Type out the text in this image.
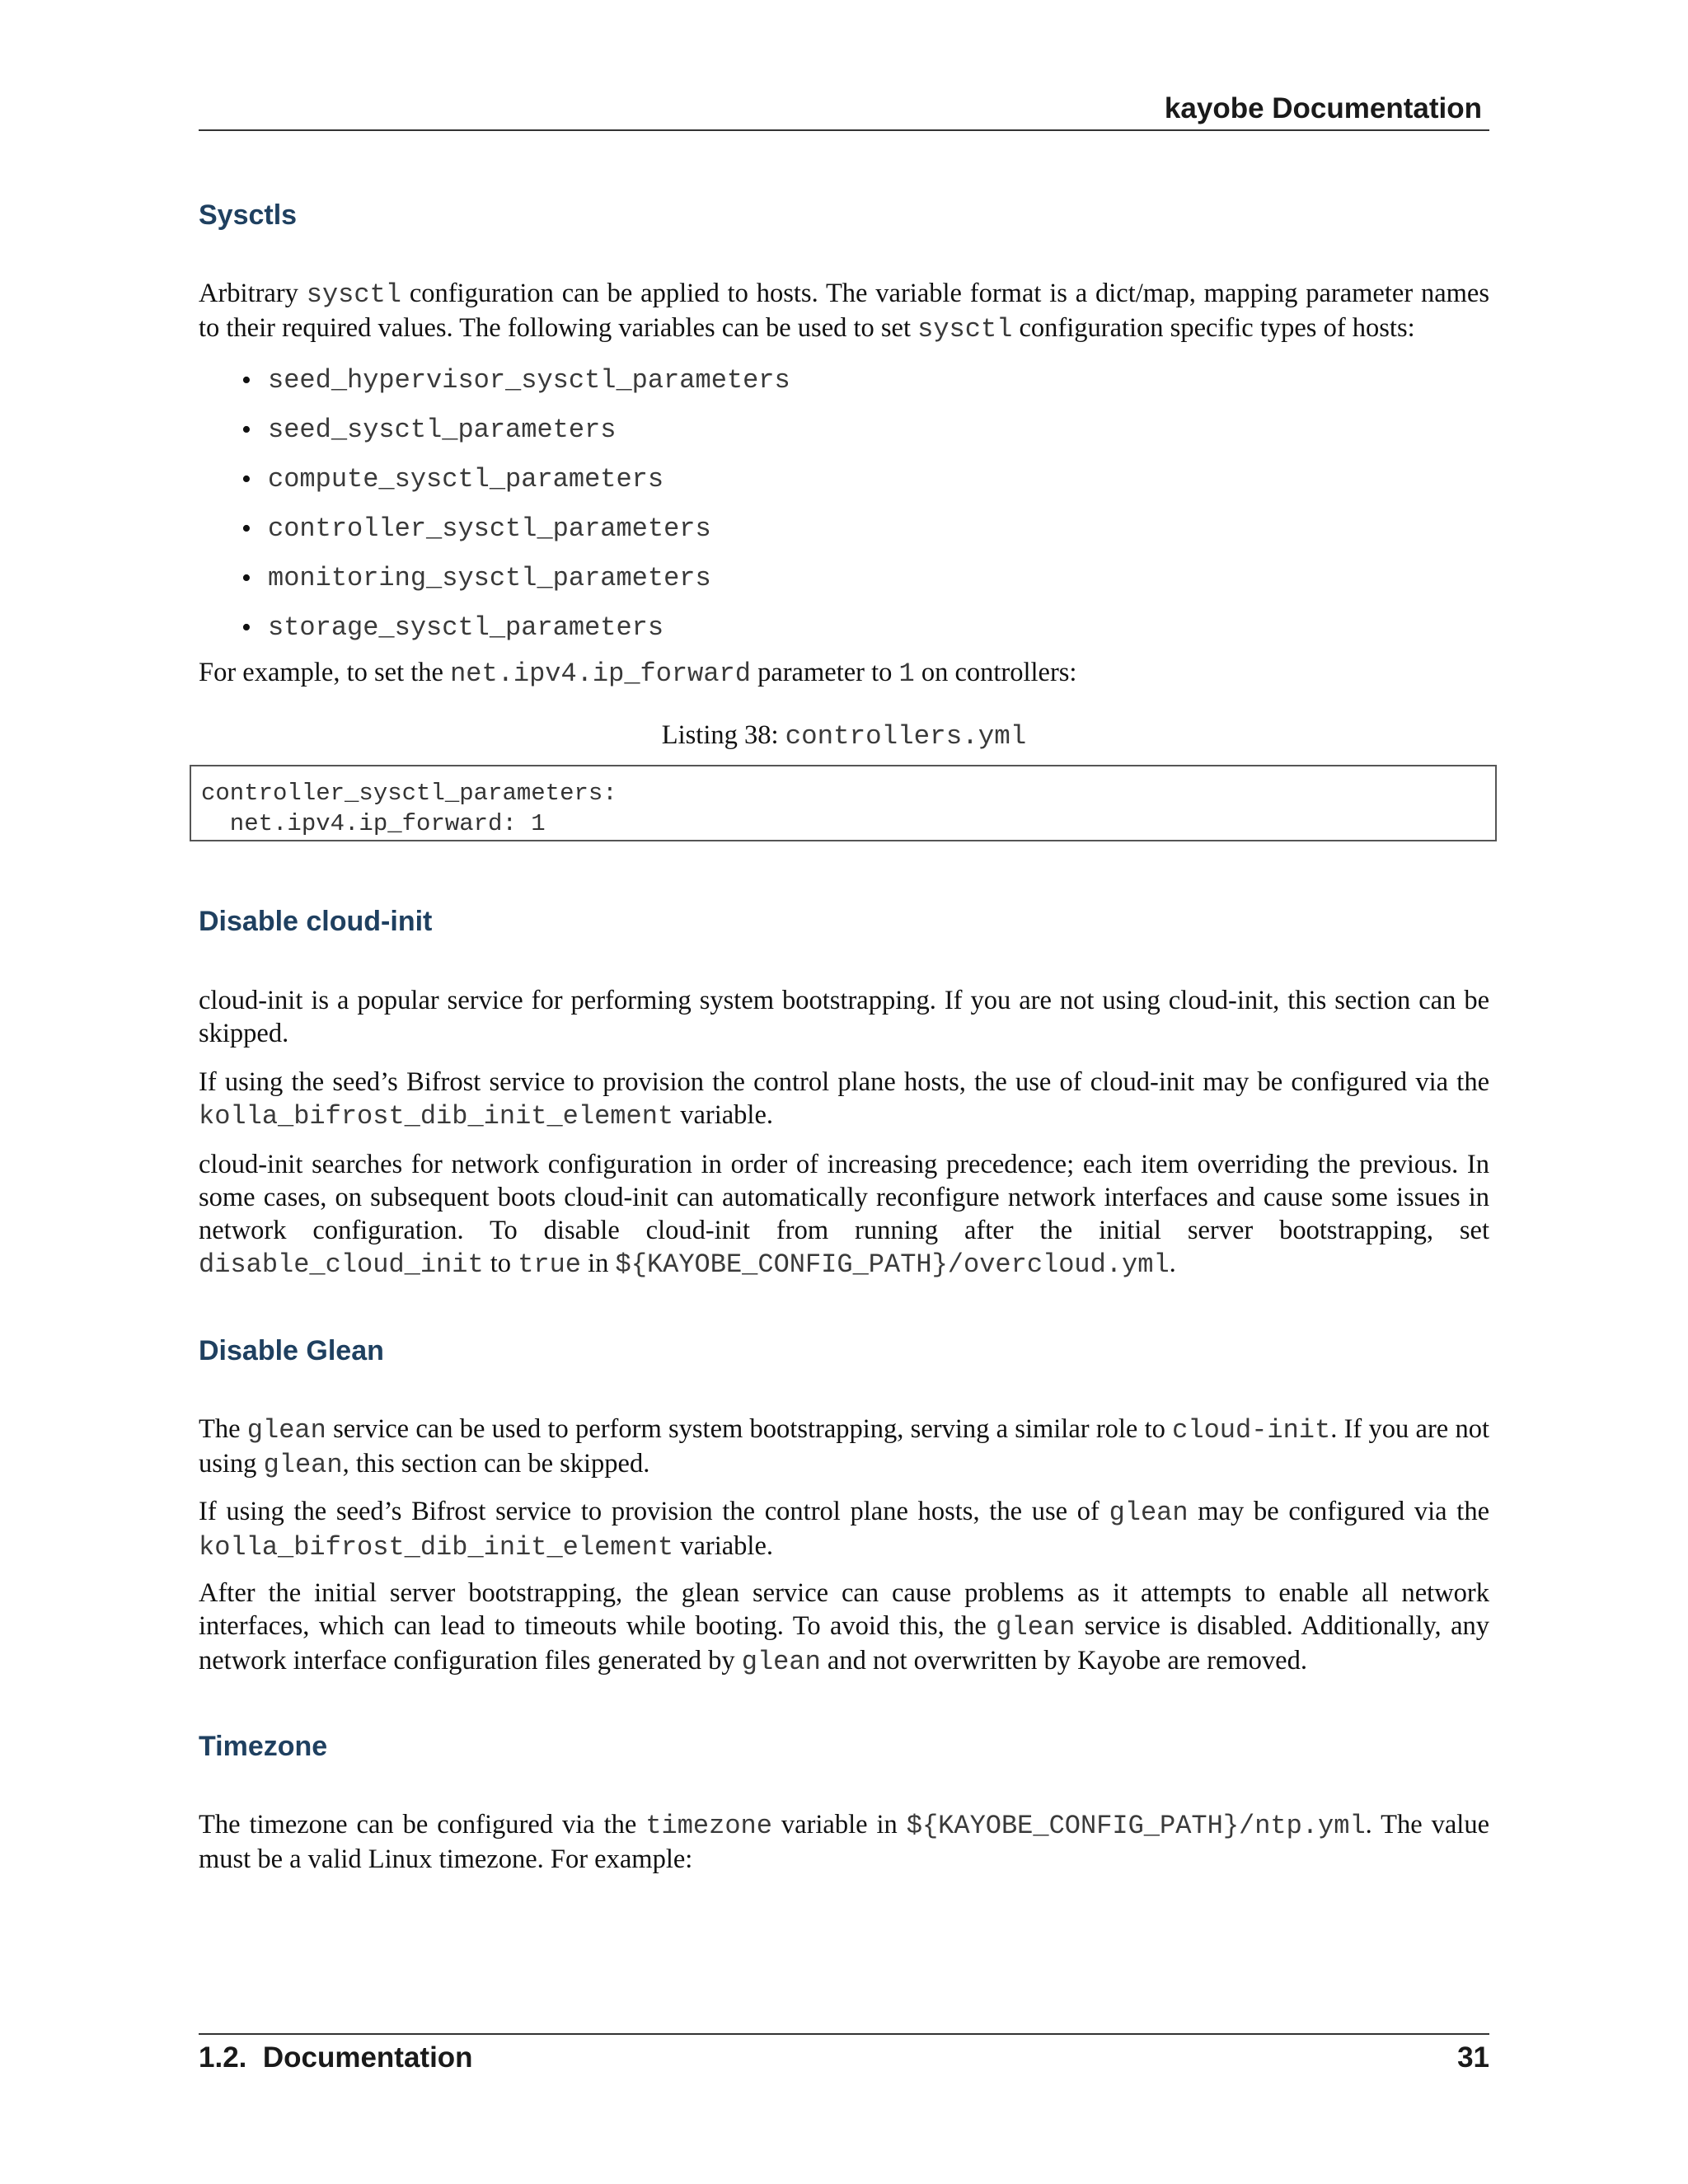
kayobe Documentation
Sysctls

Arbitrary sysctl configuration can be applied to hosts. The variable format is a dict/map, mapping parameter names to their required values. The following variables can be used to set sysctl configuration specific types of hosts:

• seed_hypervisor_sysctl_parameters
• seed_sysctl_parameters
• compute_sysctl_parameters
• controller_sysctl_parameters
• monitoring_sysctl_parameters
• storage_sysctl_parameters

For example, to set the net.ipv4.ip_forward parameter to 1 on controllers:

Listing 38: controllers.yml
controller_sysctl_parameters:
net.ipv4.ip_forward: 1
Disable cloud-init

cloud-init is a popular service for performing system bootstrapping. If you are not using cloud-init, this section can be skipped.

If using the seed’s Bifrost service to provision the control plane hosts, the use of cloud-init may be configured via the kolla_bifrost_dib_init_element variable.

cloud-init searches for network configuration in order of increasing precedence; each item overriding the previous. In some cases, on subsequent boots cloud-init can automatically reconfigure network interfaces and cause some issues in network configuration. To disable cloud-init from running after the initial server bootstrapping, set disable_cloud_init to true in ${KAYOBE_CONFIG_PATH}/overcloud.yml.

Disable Glean

The glean service can be used to perform system bootstrapping, serving a similar role to cloud-init. If you are not using glean, this section can be skipped.

If using the seed’s Bifrost service to provision the control plane hosts, the use of glean may be configured via the kolla_bifrost_dib_init_element variable.

After the initial server bootstrapping, the glean service can cause problems as it attempts to enable all network interfaces, which can lead to timeouts while booting. To avoid this, the glean service is disabled. Additionally, any network interface configuration files generated by glean and not overwritten by Kayobe are removed.

Timezone

The timezone can be configured via the timezone variable in ${KAYOBE_CONFIG_PATH}/ntp.yml. The value must be a valid Linux timezone. For example:

1.2.  Documentation	31
